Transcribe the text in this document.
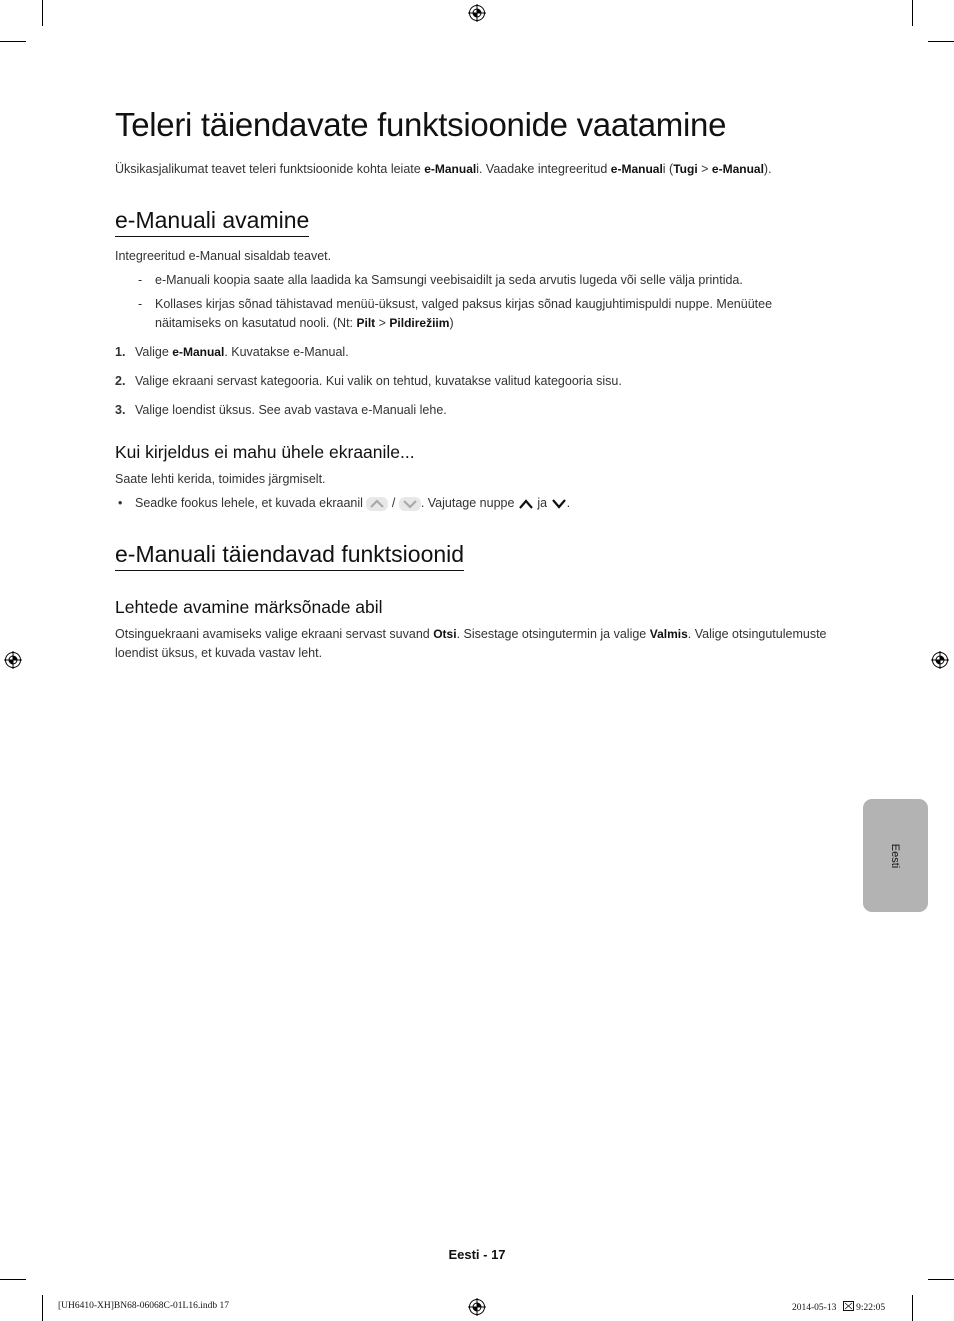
Teleri täiendavate funktsioonide vaatamine
Üksikasjalikumat teavet teleri funktsioonide kohta leiate e-Manuali. Vaadake integreeritud e-Manuali (Tugi > e-Manual).
e-Manuali avamine
Integreeritud e-Manual sisaldab teavet.
- e-Manuali koopia saate alla laadida ka Samsungi veebisaidilt ja seda arvutis lugeda või selle välja printida.
- Kollases kirjas sõnad tähistavad menüü-üksust, valged paksus kirjas sõnad kaugjuhtimispuldi nuppe. Menüütee
näitamiseks on kasutatud nooli. (Nt: Pilt > Pildirežiim)
1. Valige e-Manual. Kuvatakse e-Manual.
2. Valige ekraani servast kategooria. Kui valik on tehtud, kuvatakse valitud kategooria sisu.
3. Valige loendist üksus. See avab vastava e-Manuali lehe.
Kui kirjeldus ei mahu ühele ekraanile...
Saate lehti kerida, toimides järgmiselt.
• Seadke fookus lehele, et kuvada ekraanil  / . Vajutage nuppe  ja .
e-Manuali täiendavad funktsioonid
Lehtede avamine märksõnade abil
Otsinguekraani avamiseks valige ekraani servast suvand Otsi. Sisestage otsingutermin ja valige Valmis. Valige otsingutulemuste
loendist üksus, et kuvada vastav leht.
Eesti
Eesti - 17
[UH6410-XH]BN68-06068C-01L16.indb 17	2014-05-13 9:22:05
